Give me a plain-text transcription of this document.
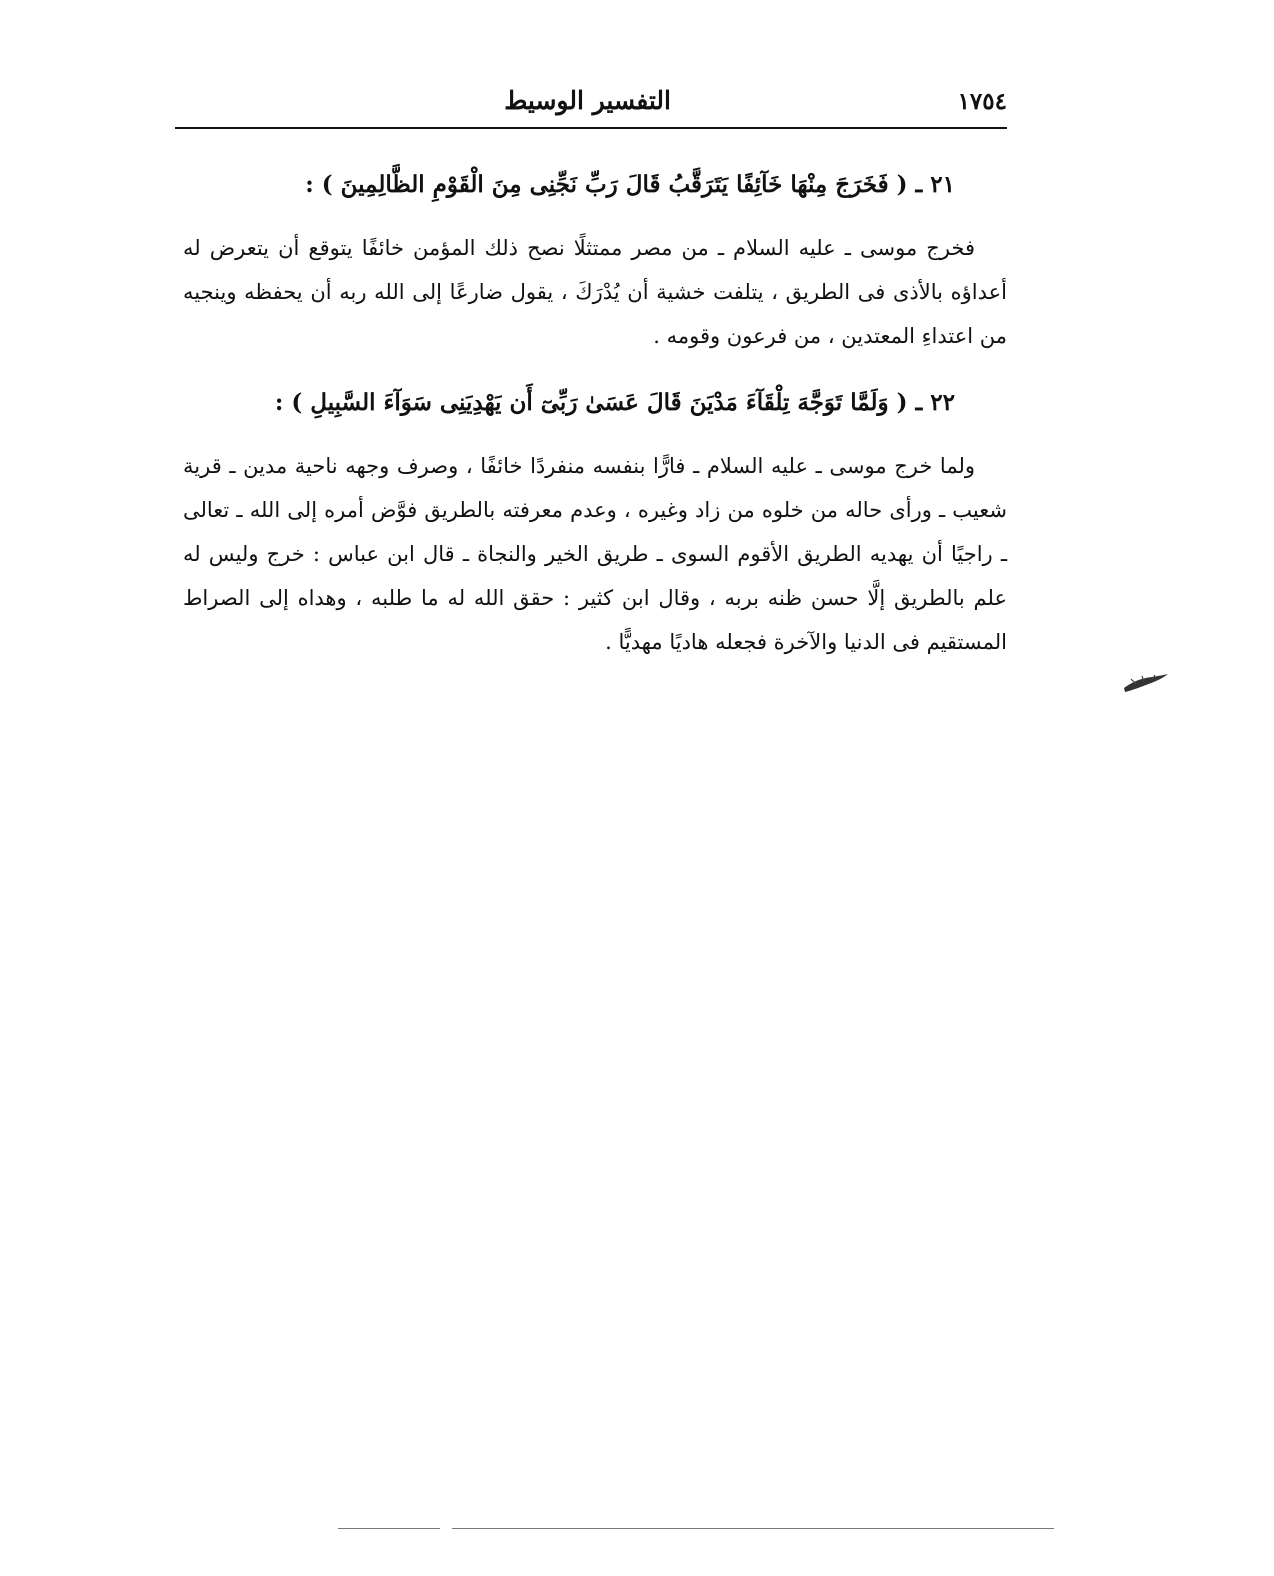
١٧٥٤
التفسير الوسيط

٢١ ـ ( فَخَرَجَ مِنْهَا خَآئِفًا يَتَرَقَّبُ قَالَ رَبِّ نَجِّنِى مِنَ الْقَوْمِ الظَّالِمِينَ ) :

فخرج موسى ـ عليه السلام ـ من مصر ممتثلًا نصح ذلك المؤمن خائفًا يتوقع أن يتعرض له أعداؤه بالأذى فى الطريق ، يتلفت خشية أن يُدْرَكَ ، يقول ضارعًا إلى الله ربه أن يحفظه وينجيه من اعتداءِ المعتدين ، من فرعون وقومه .

٢٢ ـ ( وَلَمَّا تَوَجَّهَ تِلْقَآءَ مَدْيَنَ قَالَ عَسَىٰ رَبِّىٓ أَن يَهْدِيَنِى سَوَآءَ السَّبِيلِ ) :

ولما خرج موسى ـ عليه السلام ـ فارًّا بنفسه منفردًا خائفًا ، وصرف وجهه ناحية مدين ـ قرية شعيب ـ ورأى حاله من خلوه من زاد وغيره ، وعدم معرفته بالطريق فوَّض أمره إلى الله ـ تعالى ـ راجيًا أن يهديه الطريق الأقوم السوى ـ طريق الخير والنجاة ـ قال ابن عباس : خرج وليس له علم بالطريق إلَّا حسن ظنه بربه ، وقال ابن كثير : حقق الله له ما طلبه ، وهداه إلى الصراط المستقيم فى الدنيا والآخرة فجعله هاديًا مهديًّا .
